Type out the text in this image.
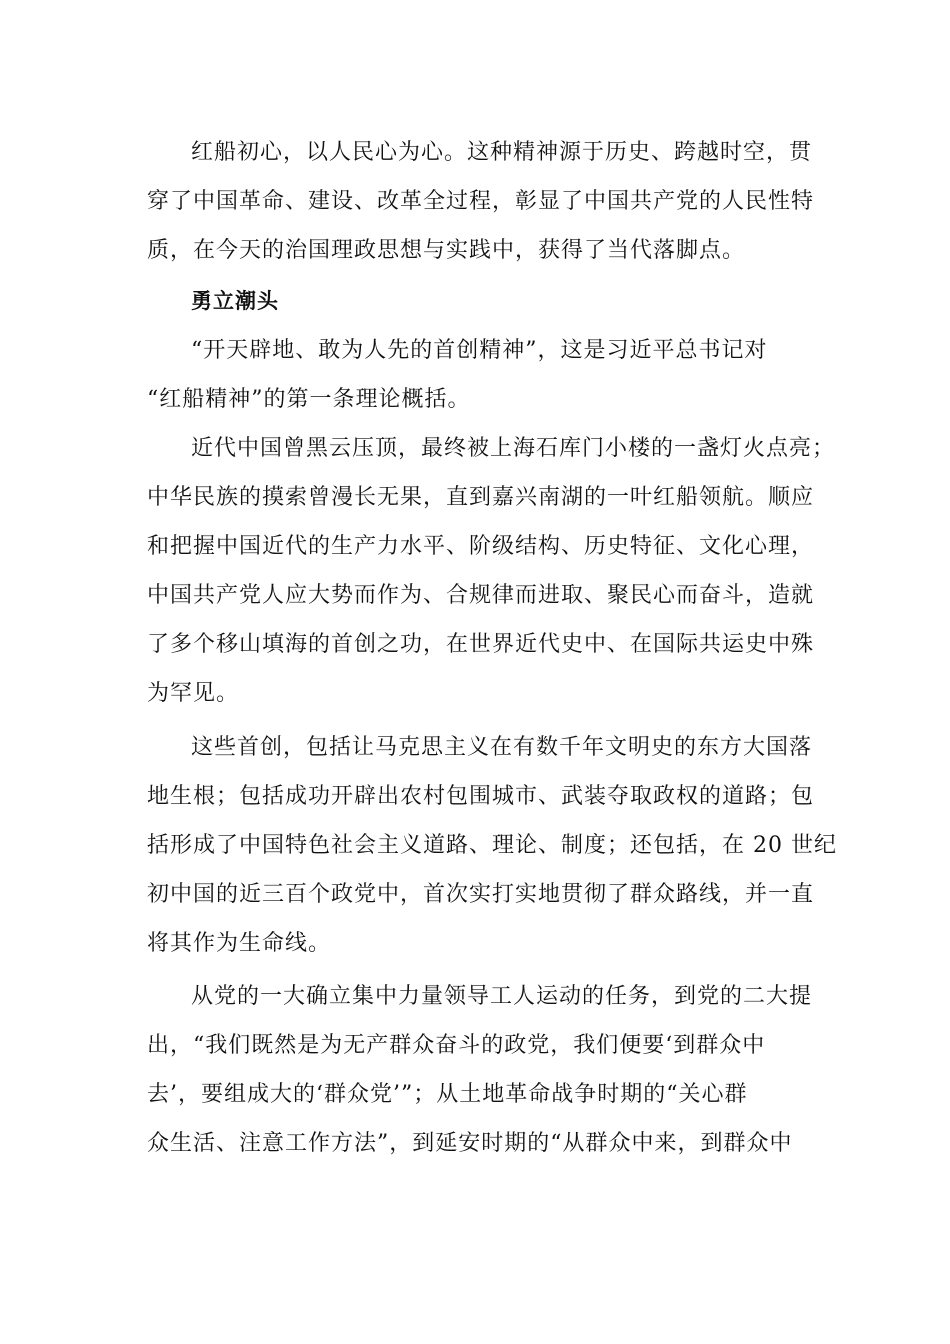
红船初心，以人民心为心。这种精神源于历史、跨越时空，贯
穿了中国革命、建设、改革全过程，彰显了中国共产党的人民性特
质，在今天的治国理政思想与实践中，获得了当代落脚点。
勇立潮头
“开天辟地、敢为人先的首创精神”，这是习近平总书记对
“红船精神”的第一条理论概括。
近代中国曾黑云压顶，最终被上海石库门小楼的一盏灯火点亮；
中华民族的摸索曾漫长无果，直到嘉兴南湖的一叶红船领航。顺应
和把握中国近代的生产力水平、阶级结构、历史特征、文化心理，
中国共产党人应大势而作为、合规律而进取、聚民心而奋斗，造就
了多个移山填海的首创之功，在世界近代史中、在国际共运史中殊
为罕见。
这些首创，包括让马克思主义在有数千年文明史的东方大国落
地生根；包括成功开辟出农村包围城市、武装夺取政权的道路；包
括形成了中国特色社会主义道路、理论、制度；还包括，在 20 世纪
初中国的近三百个政党中，首次实打实地贯彻了群众路线，并一直
将其作为生命线。
从党的一大确立集中力量领导工人运动的任务，到党的二大提
出，“我们既然是为无产群众奋斗的政党，我们便要‘到群众中
去’，要组成大的‘群众党’”；从土地革命战争时期的“关心群
众生活、注意工作方法”，到延安时期的“从群众中来，到群众中
